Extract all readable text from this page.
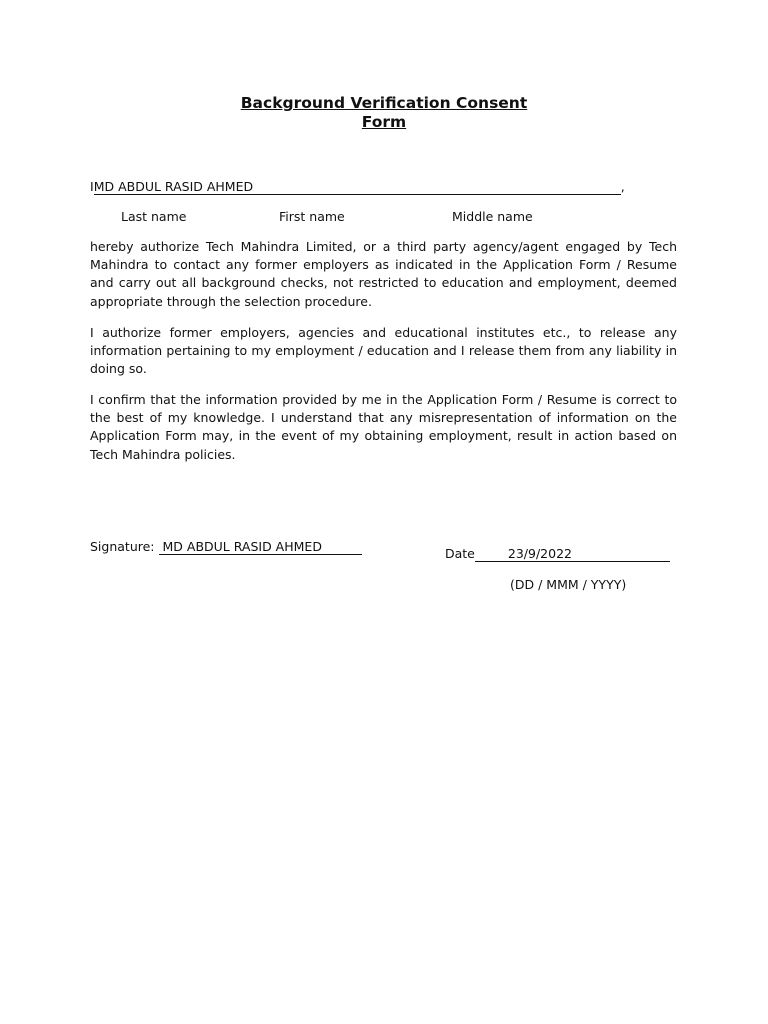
Background Verification Consent
Form
IMD ABDUL RASID AHMED	,
Last name	First name	Middle name

hereby authorize Tech Mahindra Limited, or a third party agency/agent engaged by Tech Mahindra to contact any former employers as indicated in the Application Form / Resume and carry out all background checks, not restricted to education and employment, deemed appropriate through the selection procedure.

I authorize former employers, agencies and educational institutes etc., to release any information pertaining to my employment / education and I release them from any liability in doing so.

I confirm that the information provided by me in the Application Form / Resume is correct to the best of my knowledge. I understand that any misrepresentation of information on the Application Form may, in the event of my obtaining employment, result in action based on Tech Mahindra policies.

Signature: MD ABDUL RASID AHMED	Date	23/9/2022
(DD / MMM / YYYY)
